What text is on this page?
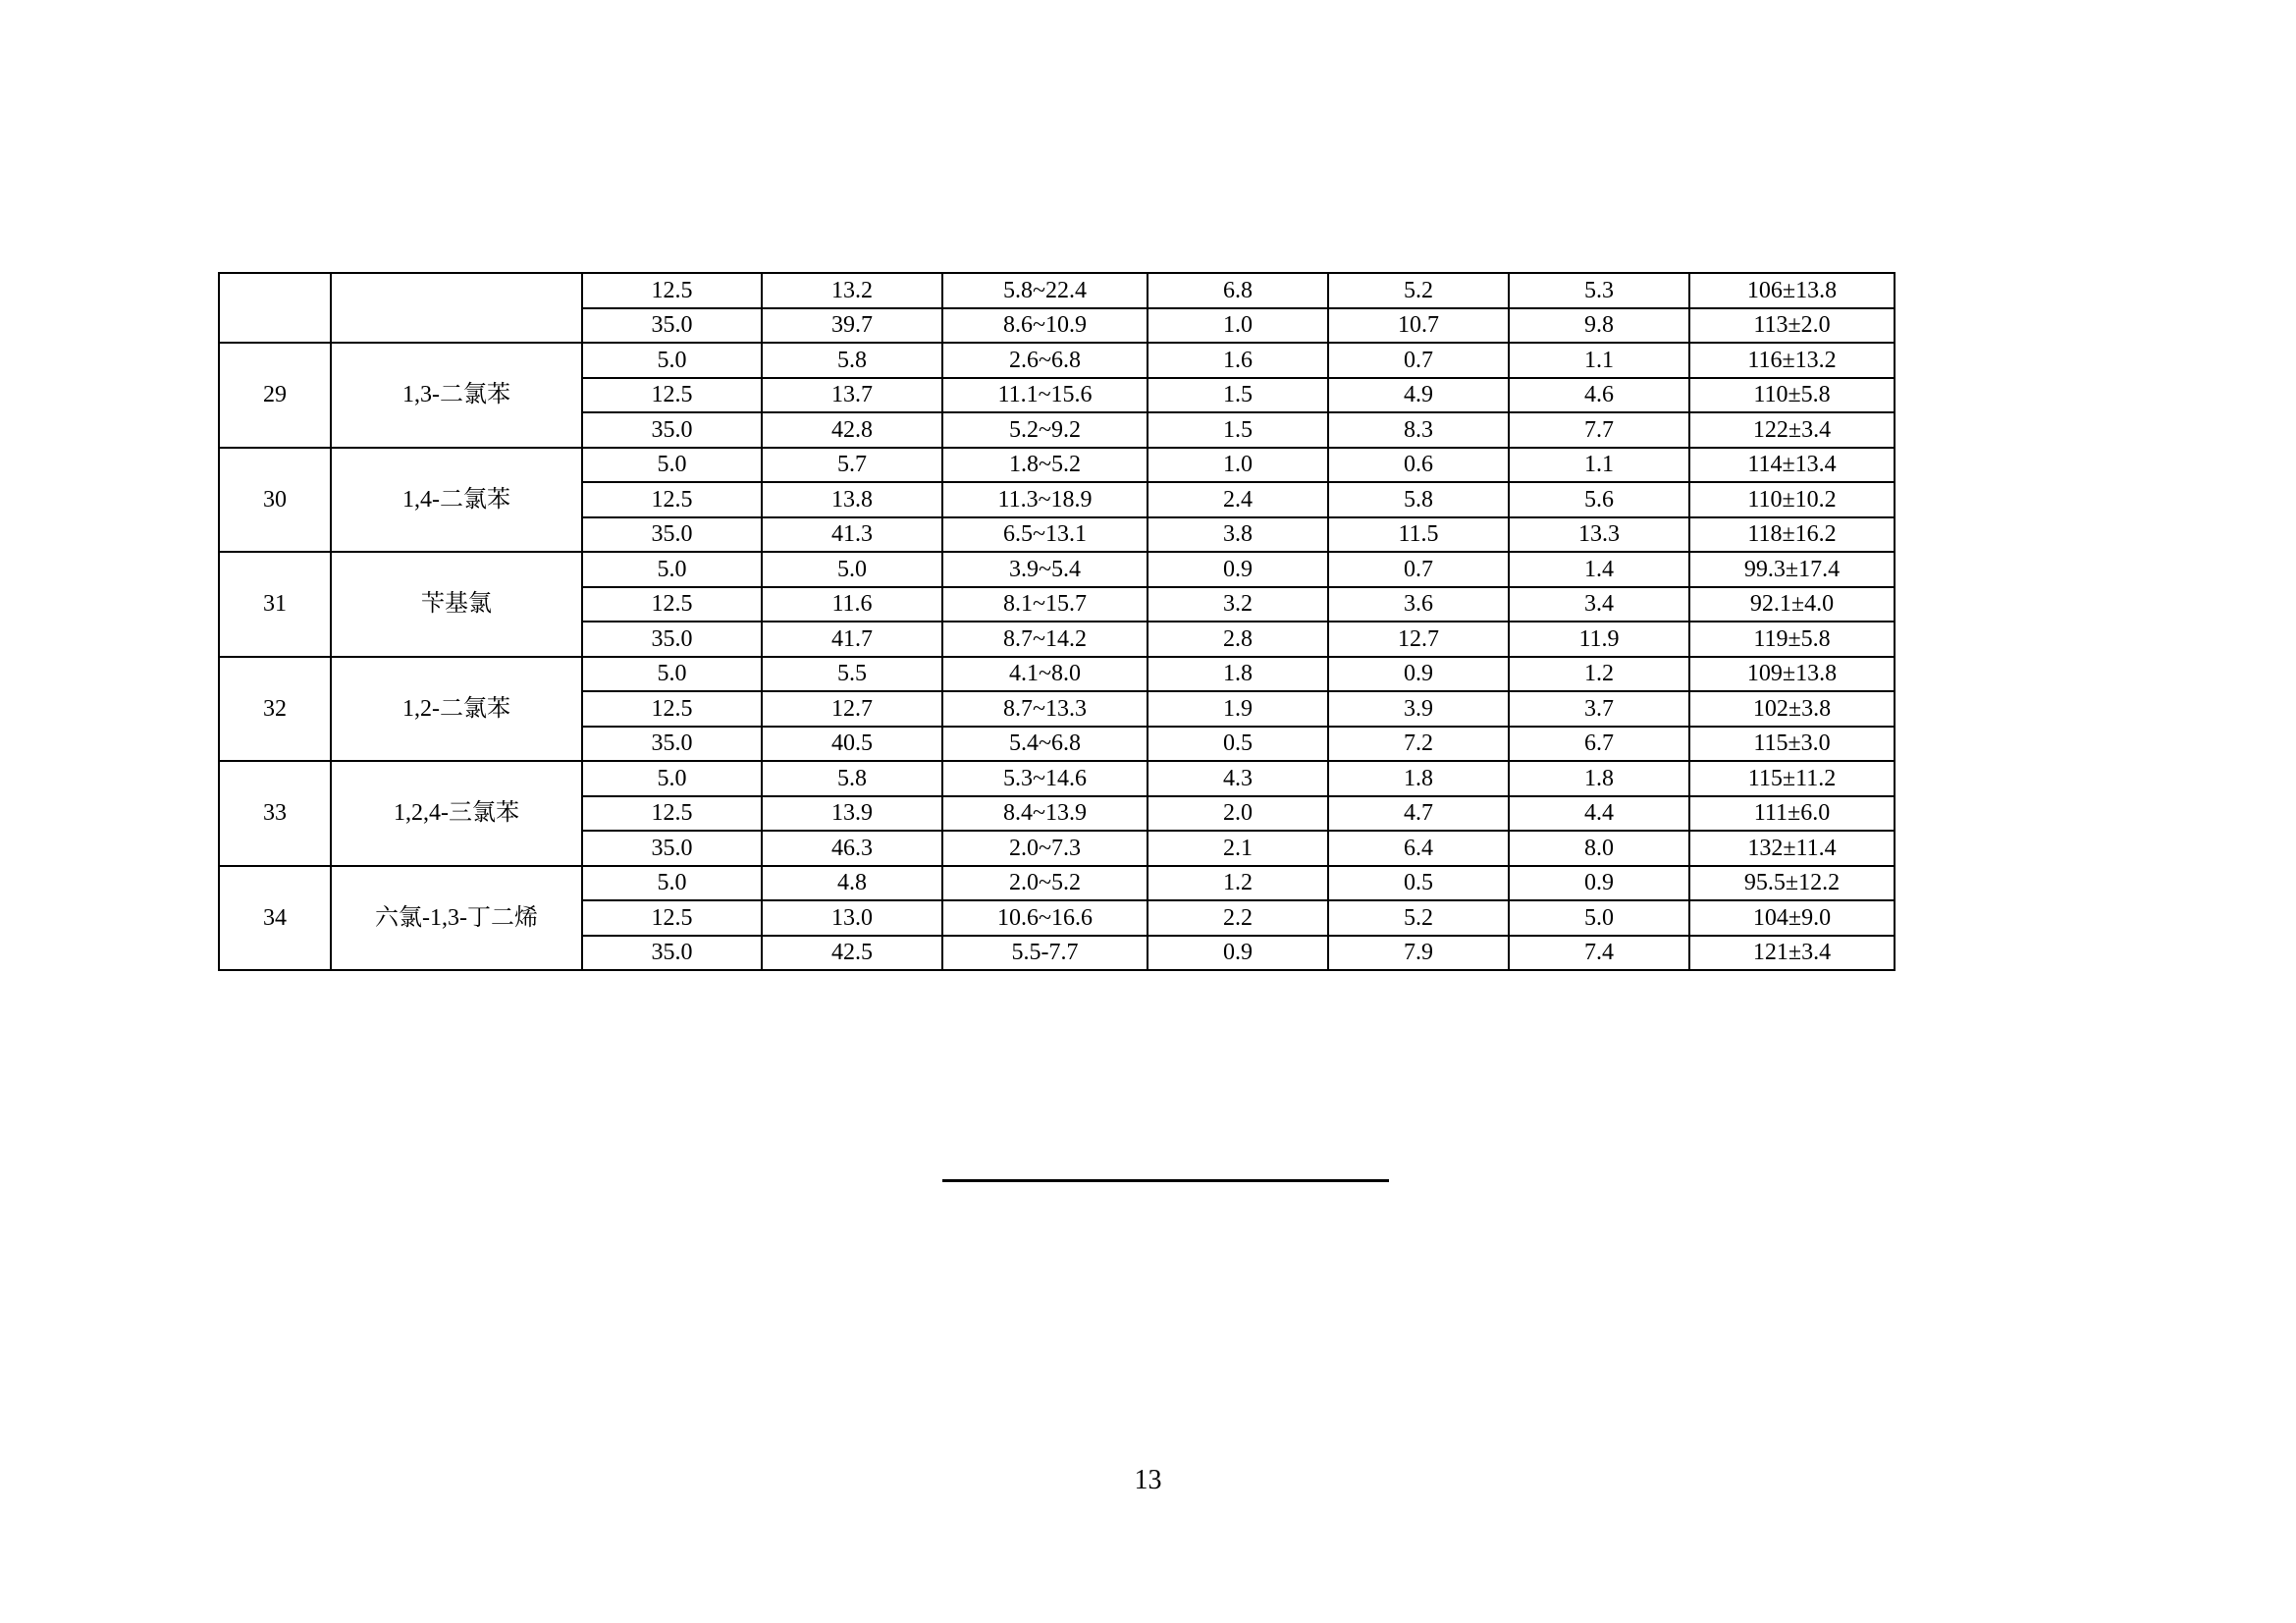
		12.5	13.2	5.8~22.4	6.8	5.2	5.3	106±13.8
		35.0	39.7	8.6~10.9	1.0	10.7	9.8	113±2.0
29	1,3-二氯苯	5.0	5.8	2.6~6.8	1.6	0.7	1.1	116±13.2
		12.5	13.7	11.1~15.6	1.5	4.9	4.6	110±5.8
		35.0	42.8	5.2~9.2	1.5	8.3	7.7	122±3.4
30	1,4-二氯苯	5.0	5.7	1.8~5.2	1.0	0.6	1.1	114±13.4
		12.5	13.8	11.3~18.9	2.4	5.8	5.6	110±10.2
		35.0	41.3	6.5~13.1	3.8	11.5	13.3	118±16.2
31	苄基氯	5.0	5.0	3.9~5.4	0.9	0.7	1.4	99.3±17.4
		12.5	11.6	8.1~15.7	3.2	3.6	3.4	92.1±4.0
		35.0	41.7	8.7~14.2	2.8	12.7	11.9	119±5.8
32	1,2-二氯苯	5.0	5.5	4.1~8.0	1.8	0.9	1.2	109±13.8
		12.5	12.7	8.7~13.3	1.9	3.9	3.7	102±3.8
		35.0	40.5	5.4~6.8	0.5	7.2	6.7	115±3.0
33	1,2,4-三氯苯	5.0	5.8	5.3~14.6	4.3	1.8	1.8	115±11.2
		12.5	13.9	8.4~13.9	2.0	4.7	4.4	111±6.0
		35.0	46.3	2.0~7.3	2.1	6.4	8.0	132±11.4
34	六氯-1,3-丁二烯	5.0	4.8	2.0~5.2	1.2	0.5	0.9	95.5±12.2
		12.5	13.0	10.6~16.6	2.2	5.2	5.0	104±9.0
		35.0	42.5	5.5-7.7	0.9	7.9	7.4	121±3.4
13
